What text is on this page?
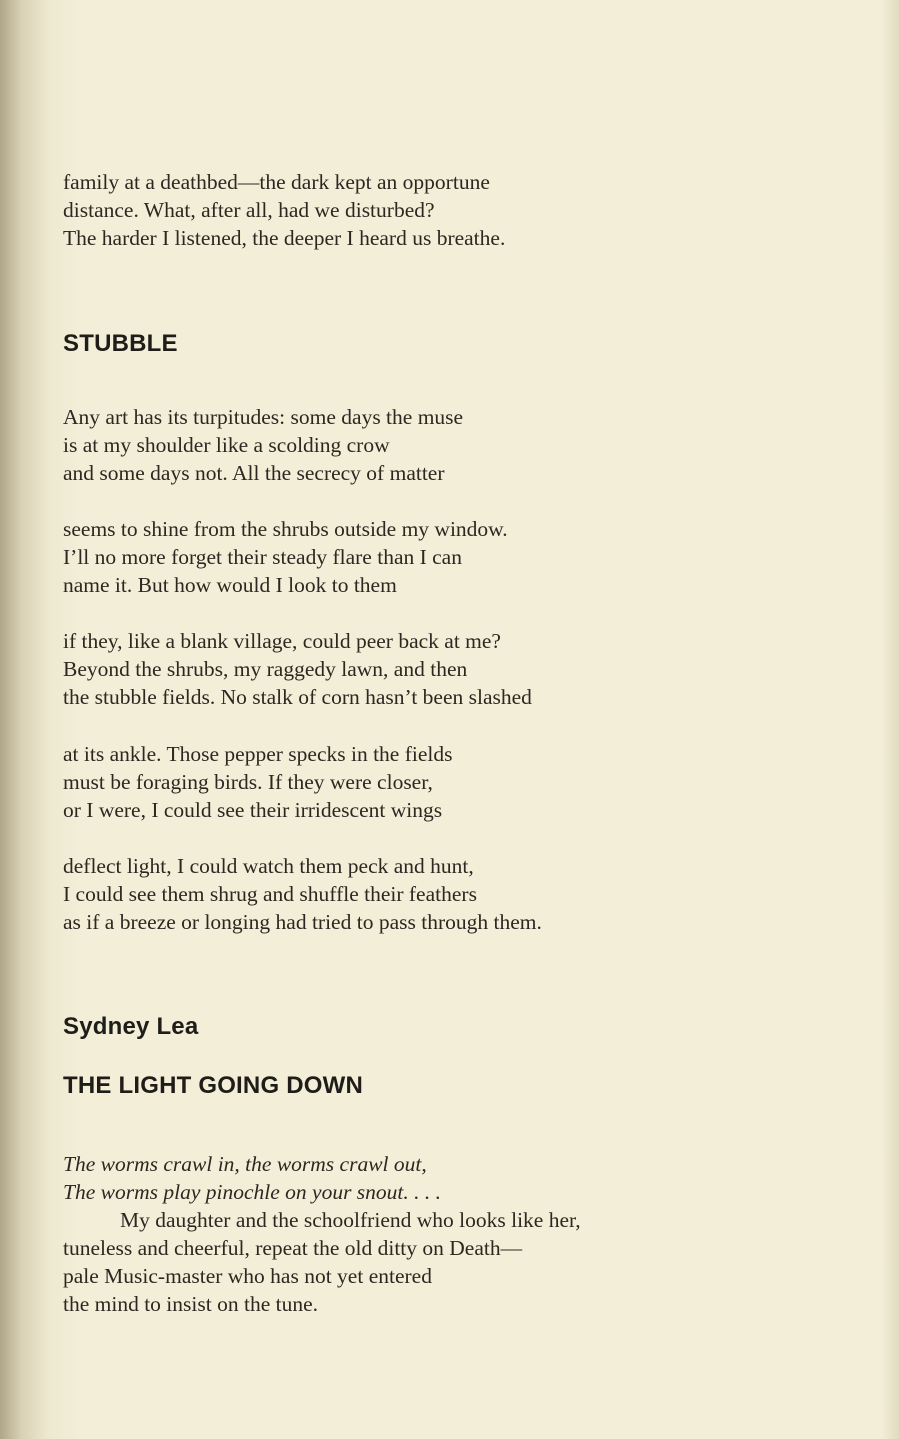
family at a deathbed—the dark kept an opportune
distance. What, after all, had we disturbed?
The harder I listened, the deeper I heard us breathe.
STUBBLE
Any art has its turpitudes: some days the muse
is at my shoulder like a scolding crow
and some days not. All the secrecy of matter
seems to shine from the shrubs outside my window.
I’ll no more forget their steady flare than I can
name it. But how would I look to them
if they, like a blank village, could peer back at me?
Beyond the shrubs, my raggedy lawn, and then
the stubble fields. No stalk of corn hasn’t been slashed
at its ankle. Those pepper specks in the fields
must be foraging birds. If they were closer,
or I were, I could see their irridescent wings
deflect light, I could watch them peck and hunt,
I could see them shrug and shuffle their feathers
as if a breeze or longing had tried to pass through them.
Sydney Lea
THE LIGHT GOING DOWN
The worms crawl in, the worms crawl out,
The worms play pinochle on your snout. . . .
My daughter and the schoolfriend who looks like her,
tuneless and cheerful, repeat the old ditty on Death—
pale Music-master who has not yet entered
the mind to insist on the tune.
